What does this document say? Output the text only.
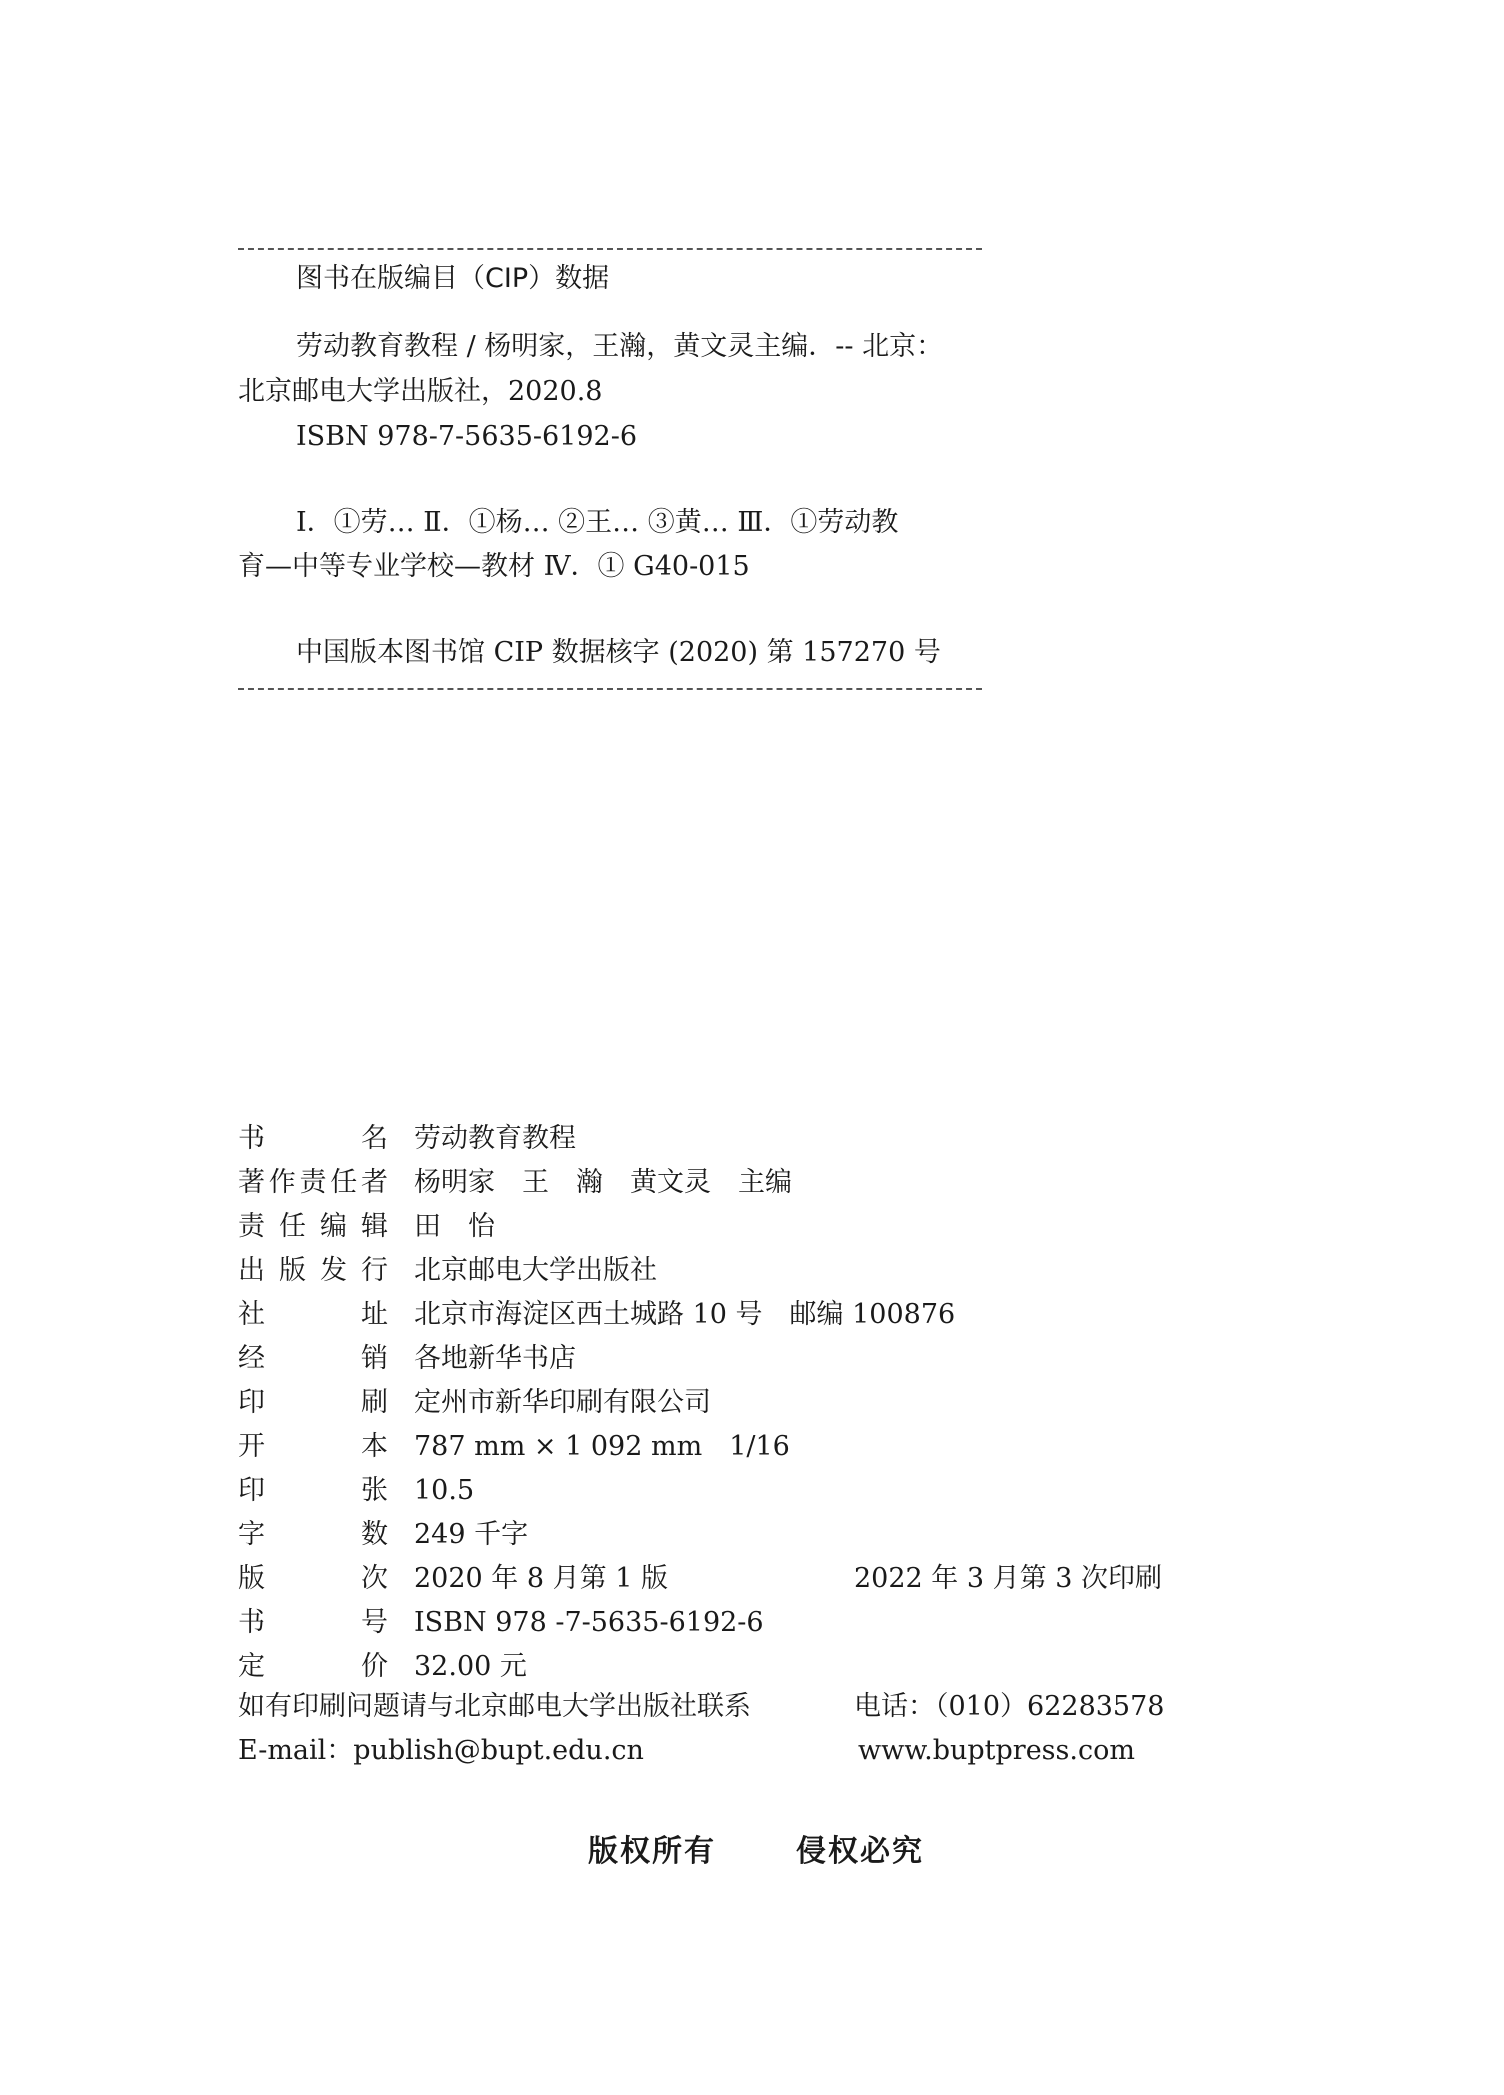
图书在版编目（CIP）数据
劳动教育教程 / 杨明家，王瀚，黄文灵主编．-- 北京：
北京邮电大学出版社，2020.8
ISBN 978-7-5635-6192-6
Ⅰ．①劳… Ⅱ．①杨… ②王… ③黄… Ⅲ．①劳动教
育—中等专业学校—教材 Ⅳ．① G40-015
中国版本图书馆 CIP 数据核字 (2020) 第 157270 号
书	名 劳动教育教程
著 作 责 任 者 杨明家　王　瀚　黄文灵　主编
责 任 编 辑 田　怡
出 版 发 行 北京邮电大学出版社
社	址 北京市海淀区西土城路 10 号　邮编 100876
经	销 各地新华书店
印	刷 定州市新华印刷有限公司
开	本 787 mm × 1 092 mm　1/16
印	张 10.5
字	数 249 千字
版	次 2020 年 8 月第 1 版	2022 年 3 月第 3 次印刷
书	号 ISBN 978 -7-5635-6192-6
定	价 32.00 元
如有印刷问题请与北京邮电大学出版社联系	电话：（010）62283578
E-mail：publish@bupt.edu.cn	www.buptpress.com
版权所有	侵权必究
